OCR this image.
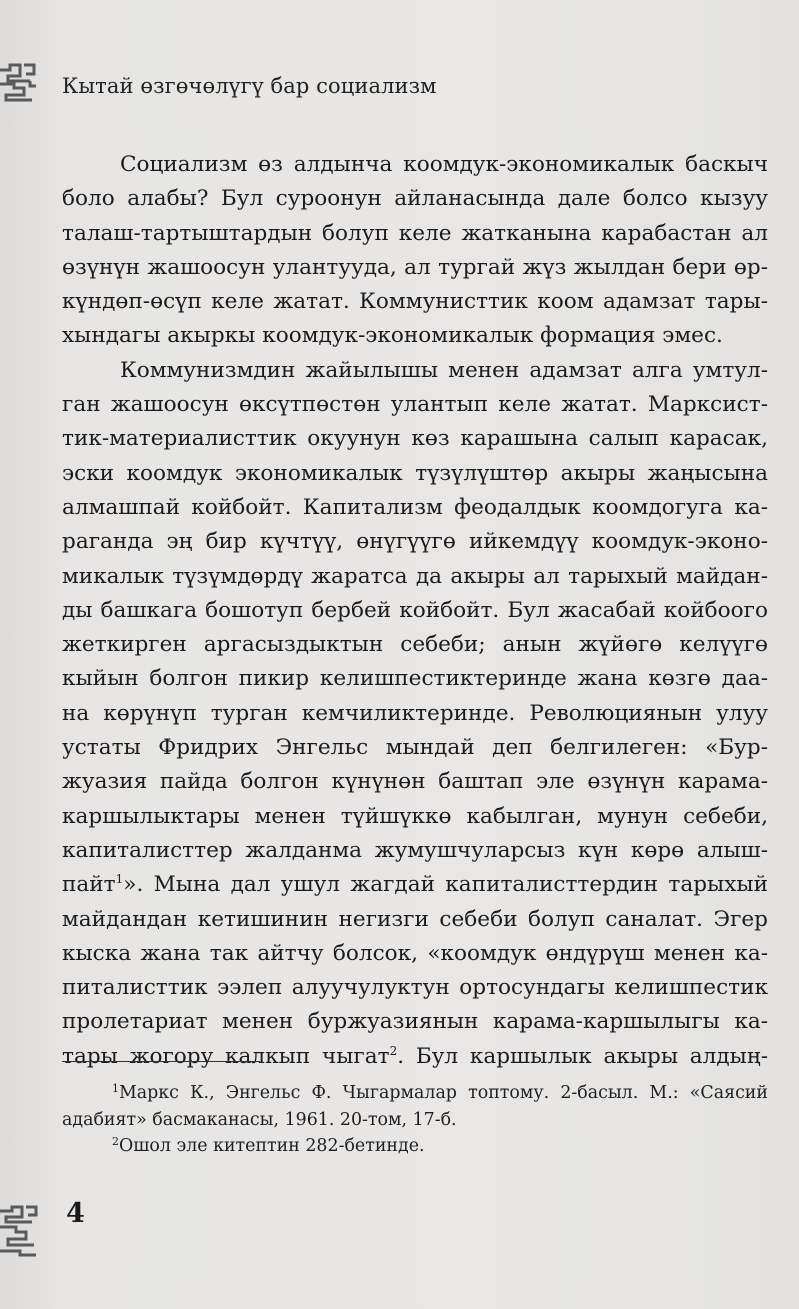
Кытай өзгөчөлүгү бар социализм
Социализм өз алдынча коомдук-экономикалык баскыч
боло алабы? Бул суроонун айланасында дале болсо кызуу
талаш-тартыштардын болуп келе жатканына карабастан ал
өзүнүн жашоосун улантууда, ал тургай жүз жылдан бери өр-
күндөп-өсүп келе жатат. Коммунисттик коом адамзат тары-
хындагы акыркы коомдук-экономикалык формация эмес.
Коммунизмдин жайылышы менен адамзат алга умтул-
ган жашоосун өксүтпөстөн улантып келе жатат. Марксист-
тик-материалисттик окуунун көз карашына салып карасак,
эски коомдук экономикалык түзүлүштөр акыры жаңысына
алмашпай койбойт. Капитализм феодалдык коомдогуга ка-
раганда эң бир күчтүү, өнүгүүгө ийкемдүү коомдук-эконо-
микалык түзүмдөрдү жаратса да акыры ал тарыхый майдан-
ды башкага бошотуп бербей койбойт. Бул жасабай койбоого
жеткирген аргасыздыктын себеби; анын жүйөгө келүүгө
кыйын болгон пикир келишпестиктеринде жана көзгө даа-
на көрүнүп турган кемчиликтеринде. Революциянын улуу
устаты Фридрих Энгельс мындай деп белгилеген: «Бур-
жуазия пайда болгон күнүнөн баштап эле өзүнүн карама-
каршылыктары менен түйшүккө кабылган, мунун себеби,
капиталисттер жалданма жумушчуларсыз күн көрө алыш-
пайт$^1$». Мына дал ушул жагдай капиталисттердин тарыхый
майдандан кетишинин негизги себеби болуп саналат. Эгер
кыска жана так айтчу болсок, «коомдук өндүрүш менен ка-
питалисттик ээлеп алуучулуктун ортосундагы келишпестик
пролетариат менен буржуазиянын карама-каршылыгы ка-
тары жогору калкып чыгат$^2$. Бул каршылык акыры алдың-
$^1$Маркс К., Энгельс Ф. Чыгармалар топтому. 2-басыл. М.: «Саясий
адабият» басмаканасы, 1961. 20-том, 17-б.
$^2$Ошол эле китептин 282-бетинде.
4
